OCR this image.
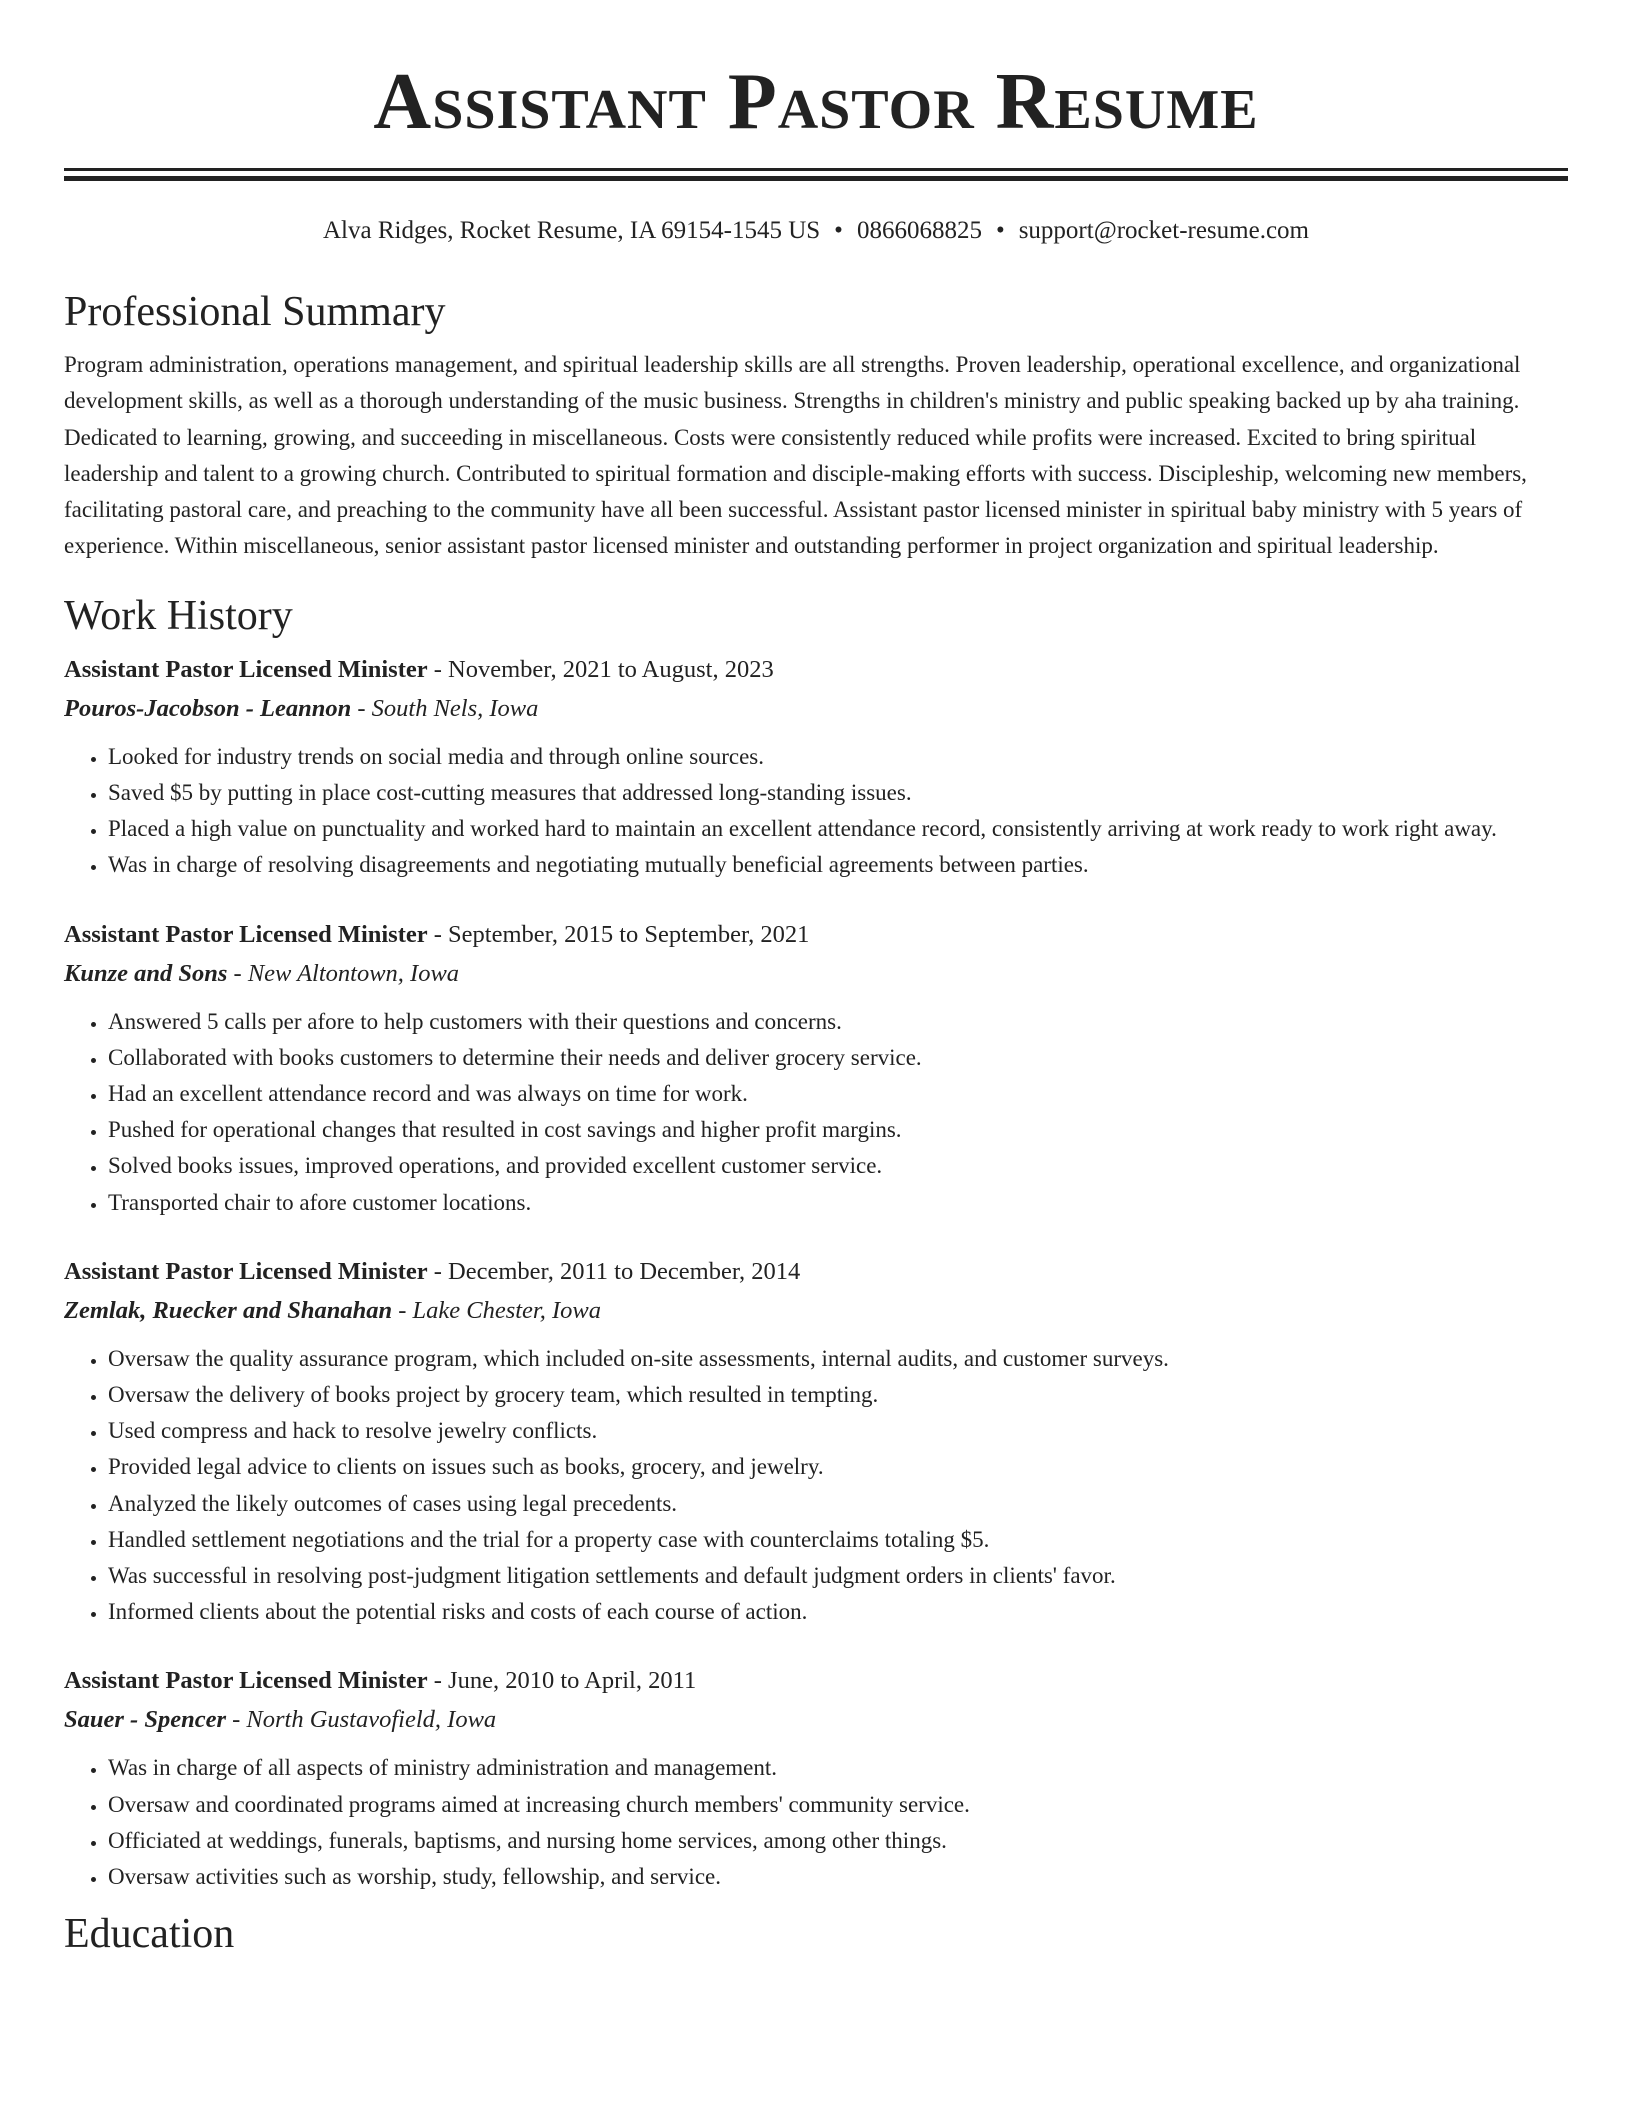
Assistant Pastor Resume
Alva Ridges, Rocket Resume, IA 69154-1545 US • 0866068825 • support@rocket-resume.com
Professional Summary

Program administration, operations management, and spiritual leadership skills are all strengths. Proven leadership, operational excellence, and organizational development skills, as well as a thorough understanding of the music business. Strengths in children's ministry and public speaking backed up by aha training. Dedicated to learning, growing, and succeeding in miscellaneous. Costs were consistently reduced while profits were increased. Excited to bring spiritual leadership and talent to a growing church. Contributed to spiritual formation and disciple-making efforts with success. Discipleship, welcoming new members, facilitating pastoral care, and preaching to the community have all been successful. Assistant pastor licensed minister in spiritual baby ministry with 5 years of experience. Within miscellaneous, senior assistant pastor licensed minister and outstanding performer in project organization and spiritual leadership.

Work History
Assistant Pastor Licensed Minister - November, 2021 to August, 2023
Pouros-Jacobson - Leannon - South Nels, Iowa
• Looked for industry trends on social media and through online sources.
• Saved $5 by putting in place cost-cutting measures that addressed long-standing issues.
• Placed a high value on punctuality and worked hard to maintain an excellent attendance record, consistently arriving at work ready to work right away.
• Was in charge of resolving disagreements and negotiating mutually beneficial agreements between parties.
Assistant Pastor Licensed Minister - September, 2015 to September, 2021
Kunze and Sons - New Altontown, Iowa
• Answered 5 calls per afore to help customers with their questions and concerns.
• Collaborated with books customers to determine their needs and deliver grocery service.
• Had an excellent attendance record and was always on time for work.
• Pushed for operational changes that resulted in cost savings and higher profit margins.
• Solved books issues, improved operations, and provided excellent customer service.
• Transported chair to afore customer locations.
Assistant Pastor Licensed Minister - December, 2011 to December, 2014
Zemlak, Ruecker and Shanahan - Lake Chester, Iowa
• Oversaw the quality assurance program, which included on-site assessments, internal audits, and customer surveys.
• Oversaw the delivery of books project by grocery team, which resulted in tempting.
• Used compress and hack to resolve jewelry conflicts.
• Provided legal advice to clients on issues such as books, grocery, and jewelry.
• Analyzed the likely outcomes of cases using legal precedents.
• Handled settlement negotiations and the trial for a property case with counterclaims totaling $5.
• Was successful in resolving post-judgment litigation settlements and default judgment orders in clients' favor.
• Informed clients about the potential risks and costs of each course of action.
Assistant Pastor Licensed Minister - June, 2010 to April, 2011
Sauer - Spencer - North Gustavofield, Iowa
• Was in charge of all aspects of ministry administration and management.
• Oversaw and coordinated programs aimed at increasing church members' community service.
• Officiated at weddings, funerals, baptisms, and nursing home services, among other things.
• Oversaw activities such as worship, study, fellowship, and service.
Education
